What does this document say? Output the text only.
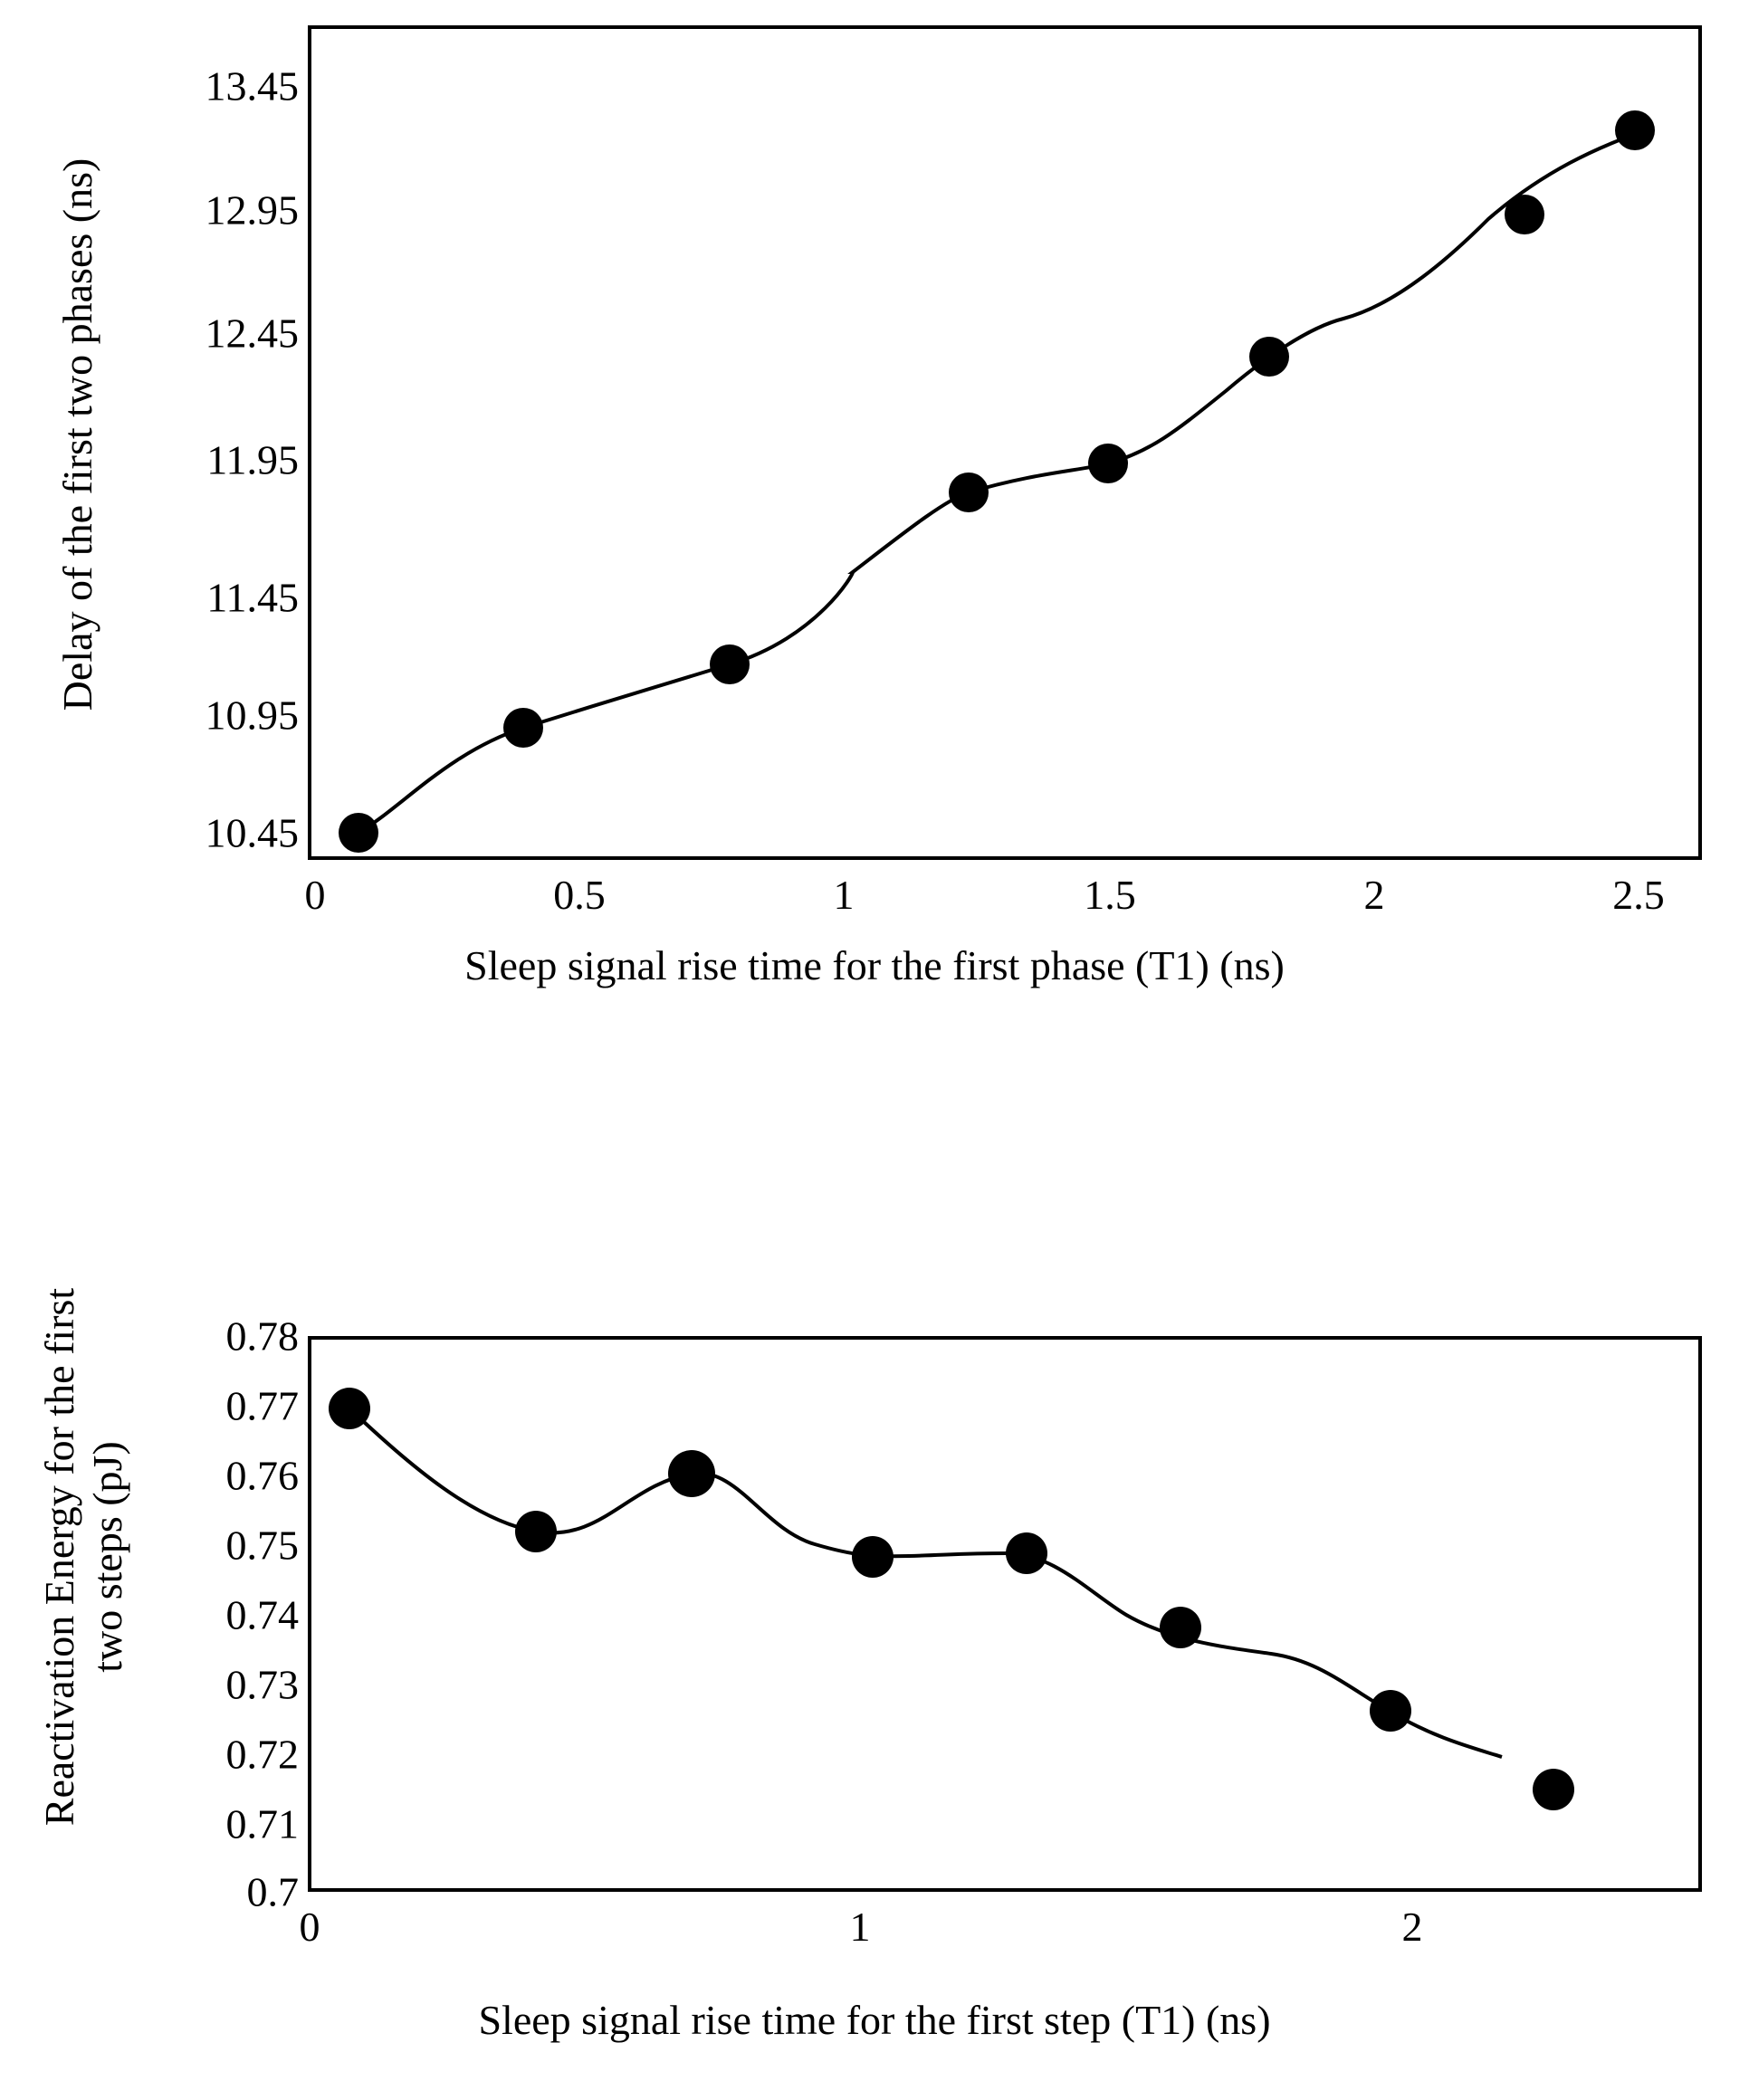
Delay of the first two phases (ns)
10.45
10.95
11.45
11.95
12.45
12.95
13.45
0	0.5	1	1.5	2	2.5
Sleep signal rise time for the first phase (T1) (ns)
Reactivation Energy for the first two steps (pJ)
0.7
0.71
0.72
0.73
0.74
0.75
0.76
0.77
0.78
0	1	2
Sleep signal rise time for the first step (T1) (ns)
